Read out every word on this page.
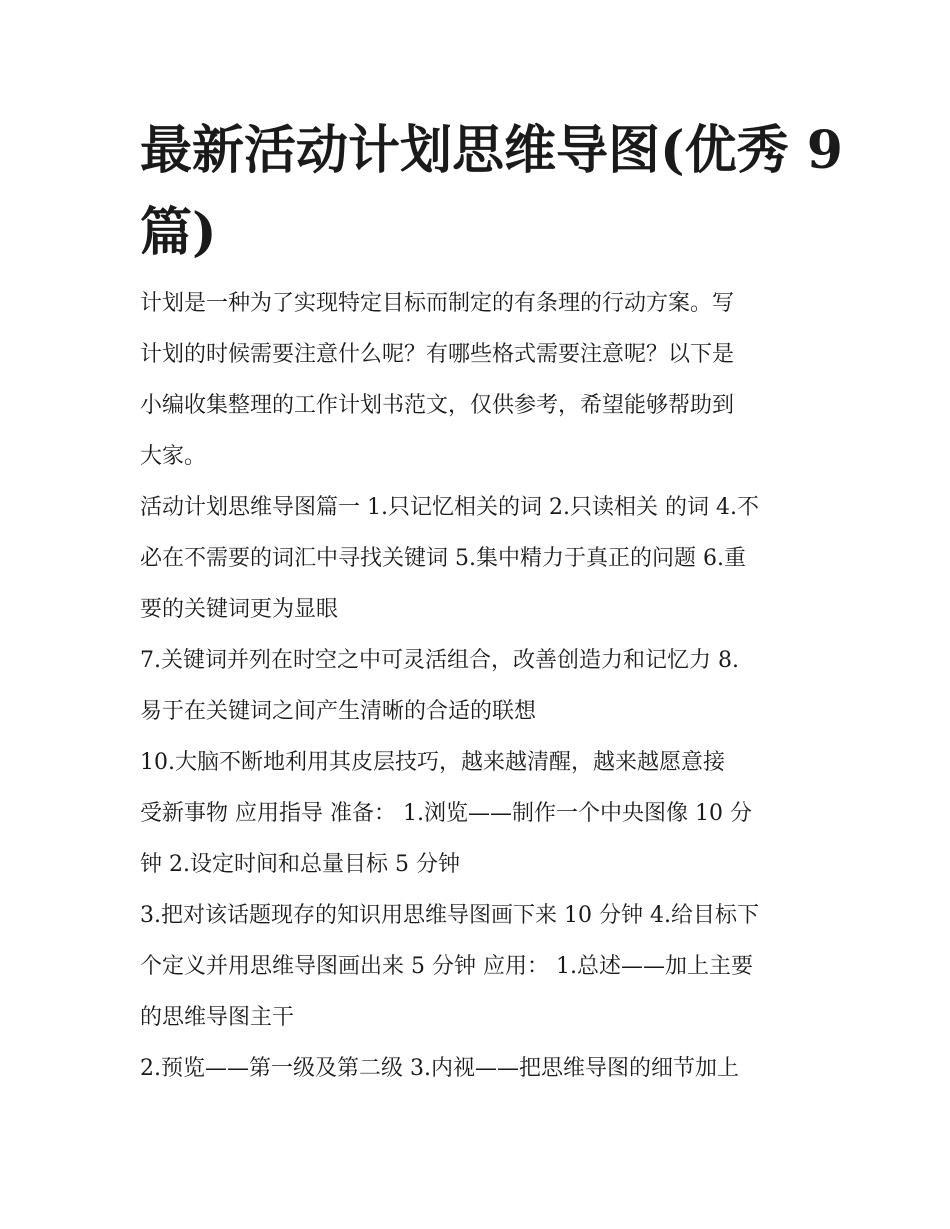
最新活动计划思维导图(优秀 9
篇)
计划是一种为了实现特定目标而制定的有条理的行动方案。写
计划的时候需要注意什么呢？有哪些格式需要注意呢？以下是
小编收集整理的工作计划书范文，仅供参考，希望能够帮助到
大家。
活动计划思维导图篇一 1.只记忆相关的词 2.只读相关 的词 4.不
必在不需要的词汇中寻找关键词 5.集中精力于真正的问题 6.重
要的关键词更为显眼
7.关键词并列在时空之中可灵活组合，改善创造力和记忆力 8.
易于在关键词之间产生清晰的合适的联想
10.大脑不断地利用其皮层技巧，越来越清醒，越来越愿意接
受新事物 应用指导 准备： 1.浏览——制作一个中央图像 10 分
钟 2.设定时间和总量目标 5 分钟
3.把对该话题现存的知识用思维导图画下来 10 分钟 4.给目标下
个定义并用思维导图画出来 5 分钟 应用： 1.总述——加上主要
的思维导图主干
2.预览——第一级及第二级 3.内视——把思维导图的细节加上
